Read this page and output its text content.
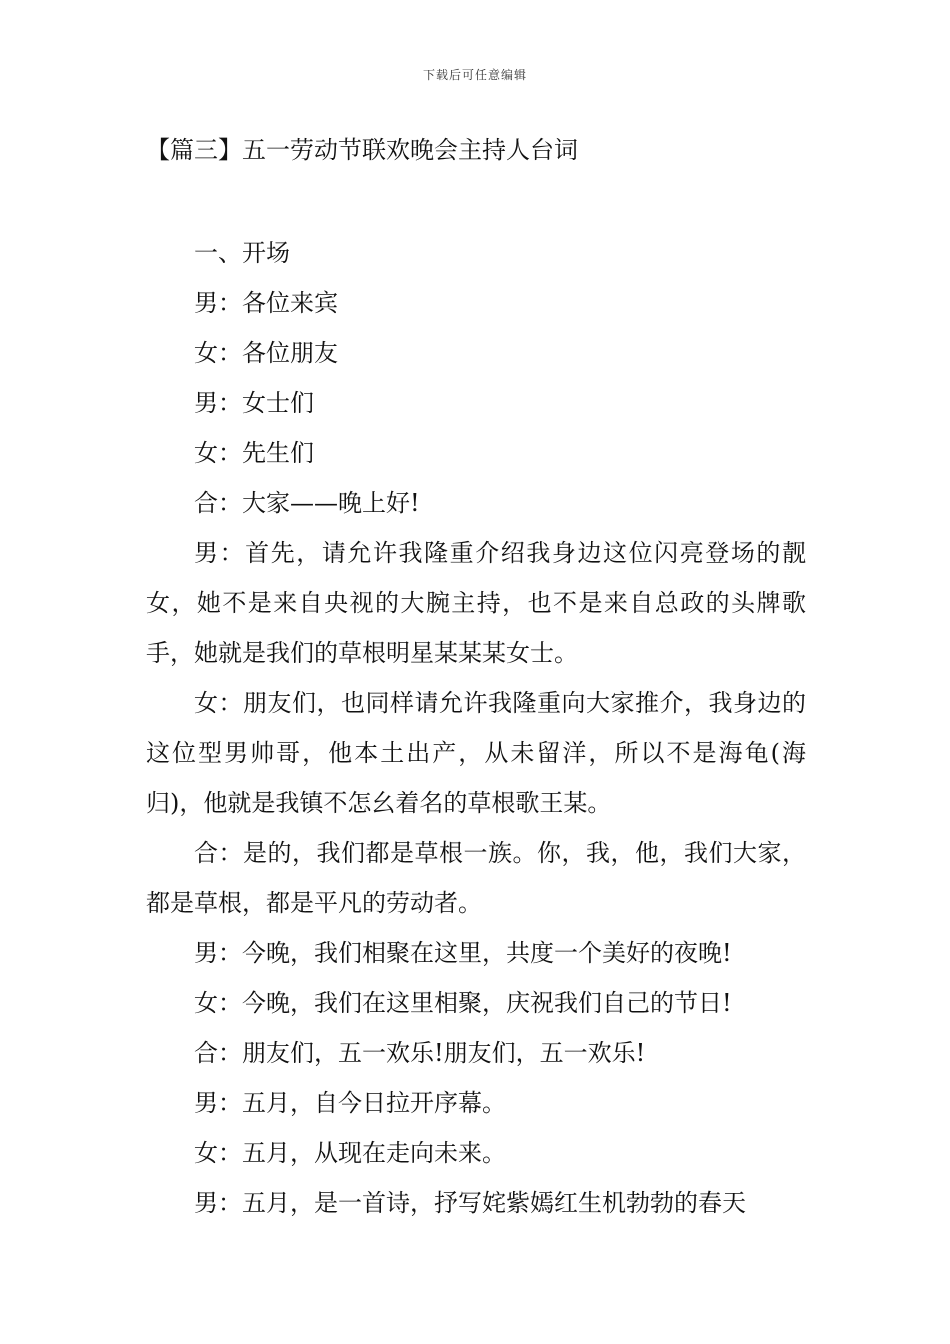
下载后可任意编辑
【篇三】五一劳动节联欢晚会主持人台词

一、开场

男：各位来宾

女：各位朋友

男：女士们

女：先生们

合：大家——晚上好!

男：首先，请允许我隆重介绍我身边这位闪亮登场的靓女，她不是来自央视的大腕主持，也不是来自总政的头牌歌手，她就是我们的草根明星某某某女士。

女：朋友们，也同样请允许我隆重向大家推介，我身边的这位型男帅哥，他本土出产，从未留洋，所以不是海龟(海归)，他就是我镇不怎幺着名的草根歌王某。

合：是的，我们都是草根一族。你，我，他，我们大家，都是草根，都是平凡的劳动者。

男：今晚，我们相聚在这里，共度一个美好的夜晚!

女：今晚，我们在这里相聚，庆祝我们自己的节日!

合：朋友们，五一欢乐!朋友们，五一欢乐!

男：五月，自今日拉开序幕。

女：五月，从现在走向未来。

男：五月，是一首诗，抒写姹紫嫣红生机勃勃的春天
